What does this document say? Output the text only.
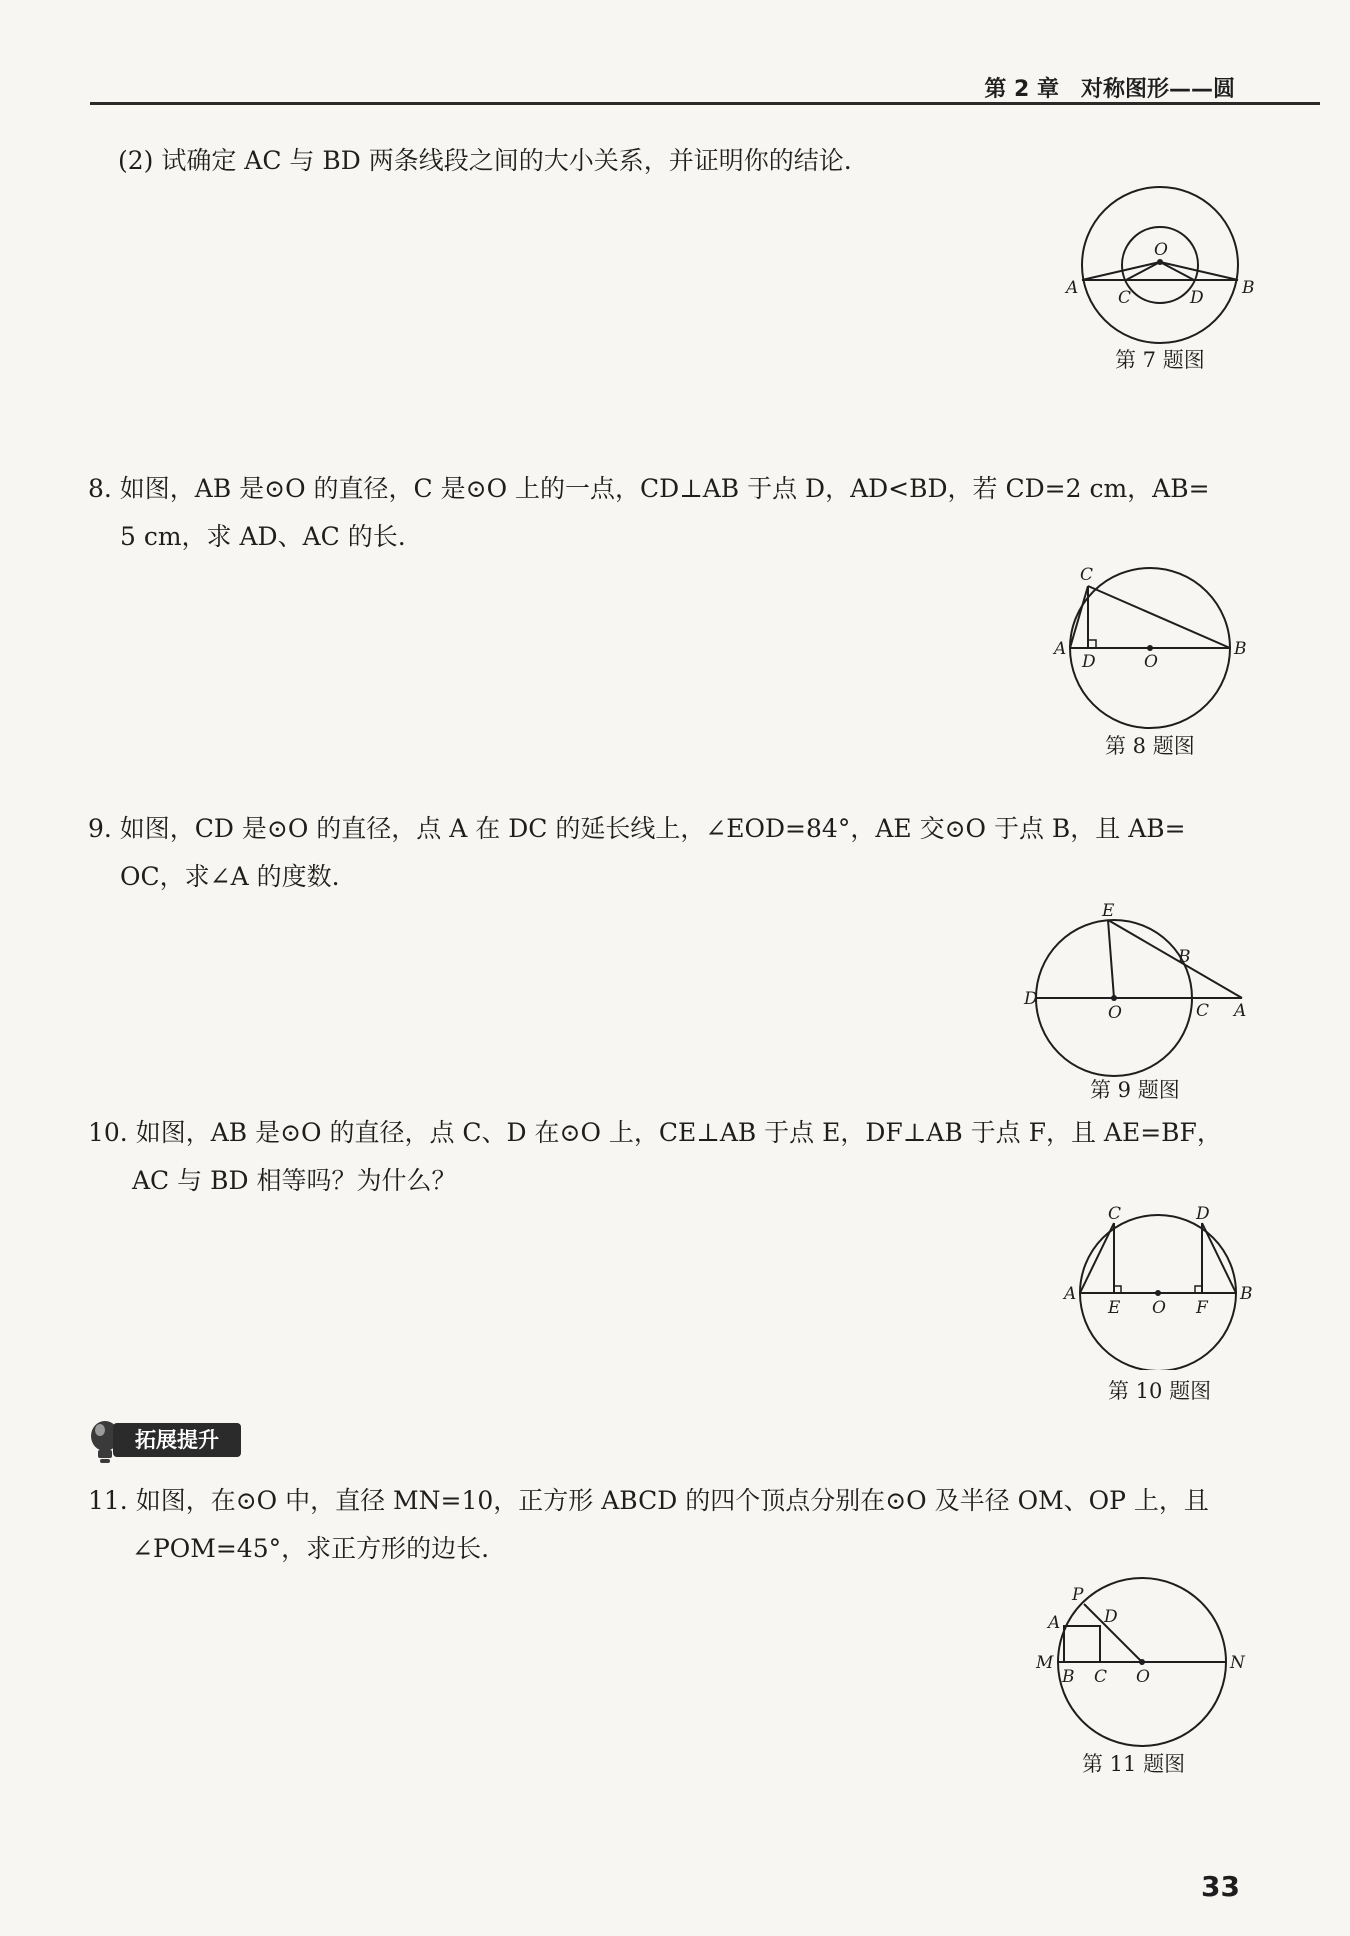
第 2 章　对称图形——圆
(2) 试确定 AC 与 BD 两条线段之间的大小关系，并证明你的结论.
O
A	B
C	D
第 7 题图
8. 如图，AB 是⊙O 的直径，C 是⊙O 上的一点，CD⊥AB 于点 D，AD<BD，若 CD=2 cm，AB=
5 cm，求 AD、AC 的长.
C
A	B
D	O
第 8 题图
9. 如图，CD 是⊙O 的直径，点 A 在 DC 的延长线上，∠EOD=84°，AE 交⊙O 于点 B，且 AB=
OC，求∠A 的度数.
E
B
D
O	C A
第 9 题图
10. 如图，AB 是⊙O 的直径，点 C、D 在⊙O 上，CE⊥AB 于点 E，DF⊥AB 于点 F，且 AE=BF，
AC 与 BD 相等吗？为什么？
C	D
A	B
E O F
第 10 题图
拓展提升
11. 如图，在⊙O 中，直径 MN=10，正方形 ABCD 的四个顶点分别在⊙O 及半径 OM、OP 上，且
∠POM=45°，求正方形的边长.
P
A	D
M
B C O
N
第 11 题图
33
